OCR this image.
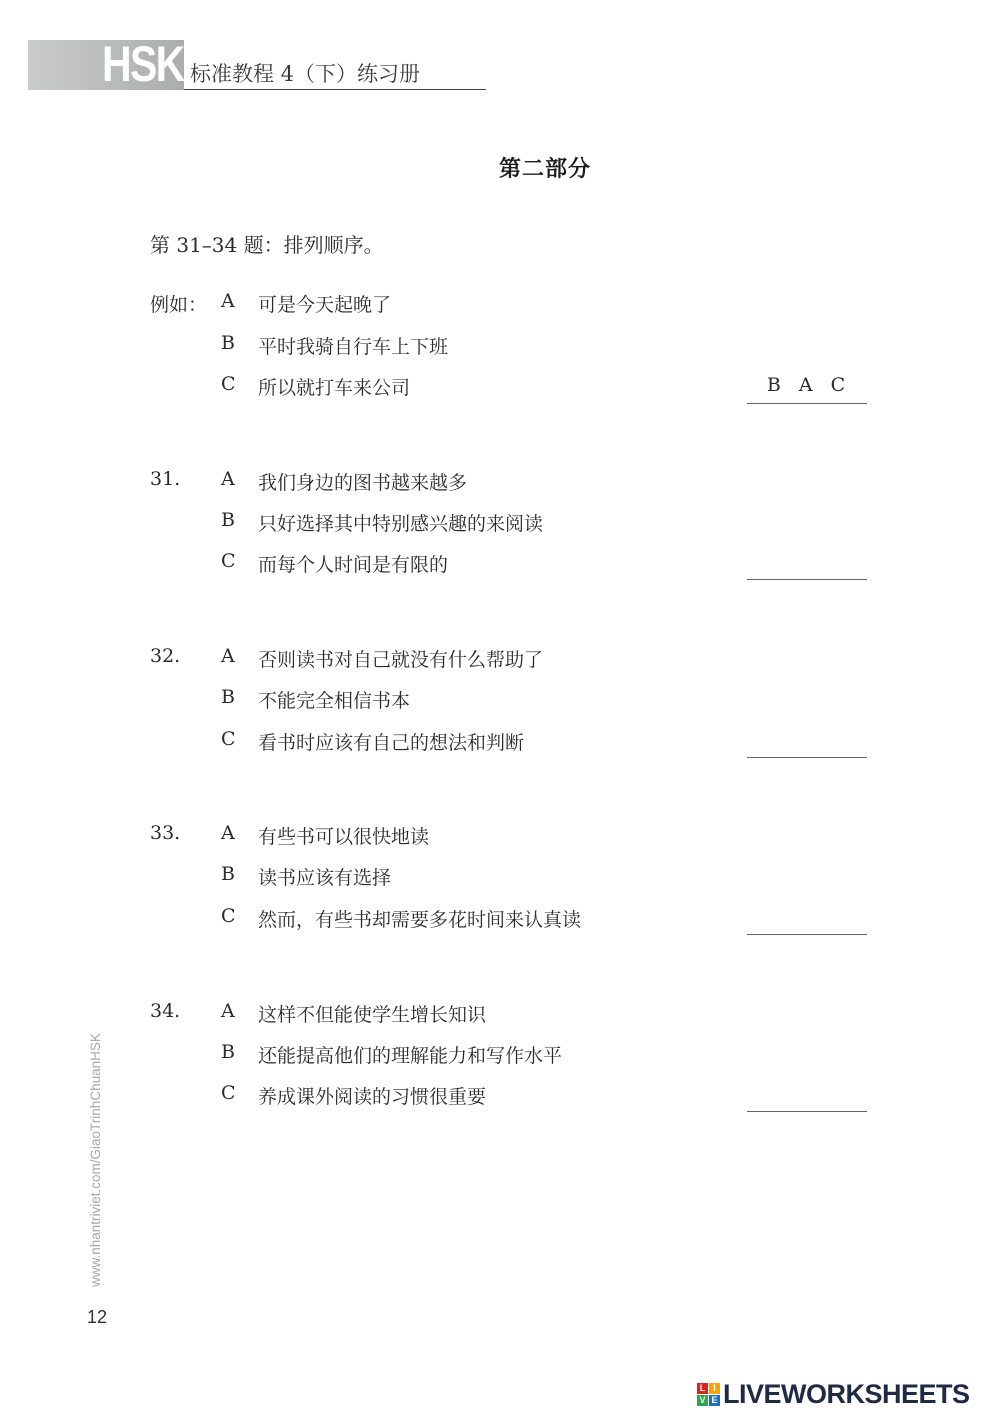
HSK 标准教程 4（下）练习册
第二部分
第 31–34 题：排列顺序。
例如： A 可是今天起晚了
B 平时我骑自行车上下班
C 所以就打车来公司	B A C
31. A 我们身边的图书越来越多
B 只好选择其中特别感兴趣的来阅读
C 而每个人时间是有限的
32. A 否则读书对自己就没有什么帮助了
B 不能完全相信书本
C 看书时应该有自己的想法和判断
33. A 有些书可以很快地读
B 读书应该有选择
C 然而，有些书却需要多花时间来认真读
34. A 这样不但能使学生增长知识
B 还能提高他们的理解能力和写作水平
C 养成课外阅读的习惯很重要
www.nhantriviet.com/GiaoTrinhChuanHSK
12
L I
V E LIVEWORKSHEETS
